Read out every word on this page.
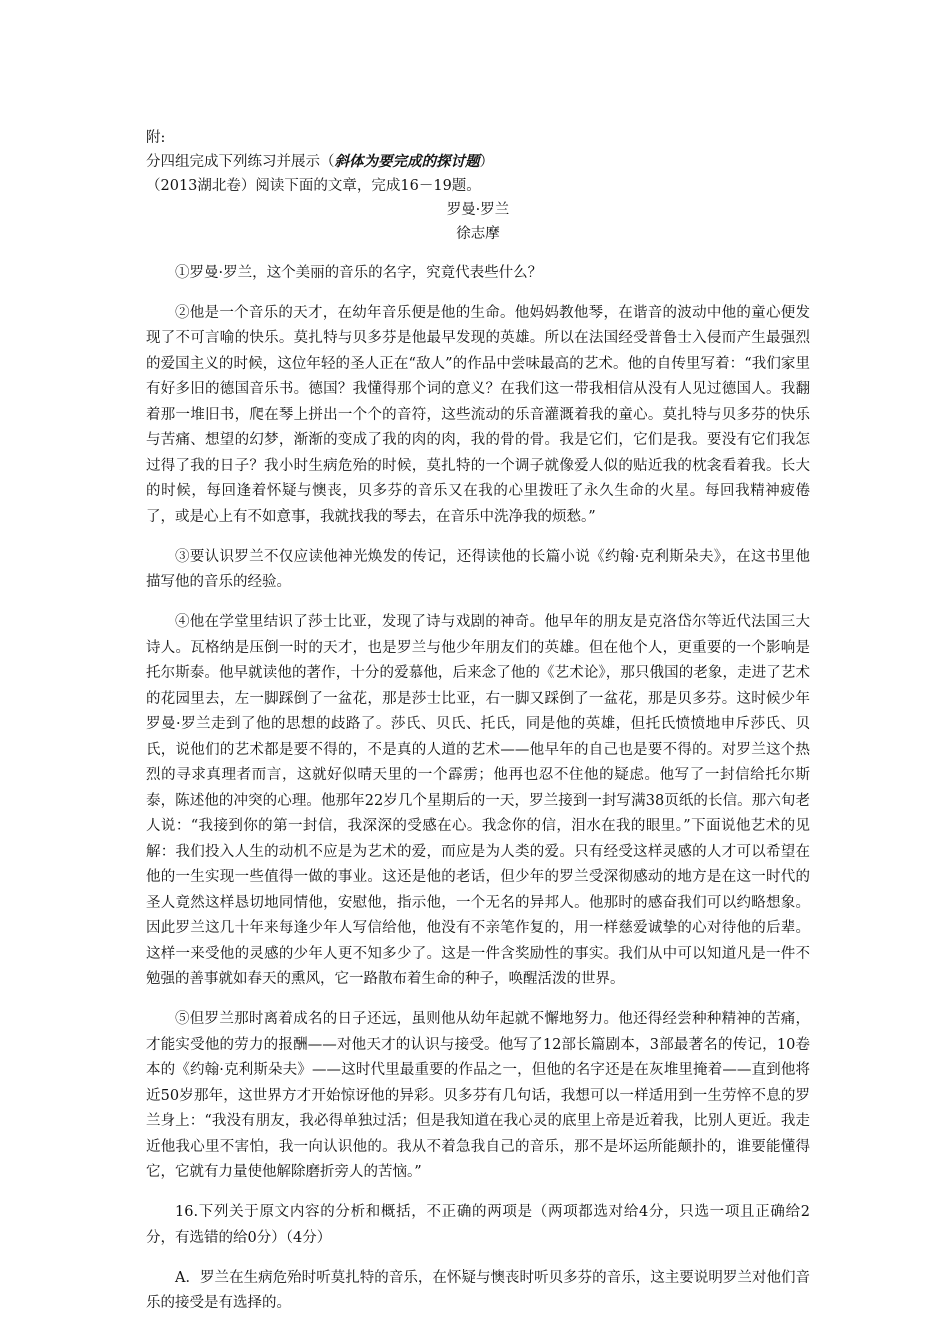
附:

分四组完成下列练习并展示（斜体为要完成的探讨题）

（2013湖北卷）阅读下面的文章，完成16－19题。

罗曼·罗兰

徐志摩

①罗曼·罗兰，这个美丽的音乐的名字，究竟代表些什么？

②他是一个音乐的天才，在幼年音乐便是他的生命。他妈妈教他琴，在谐音的波动中他的童心便发现了不可言喻的快乐。莫扎特与贝多芬是他最早发现的英雄。所以在法国经受普鲁士入侵而产生最强烈的爱国主义的时候，这位年轻的圣人正在“敌人”的作品中尝味最高的艺术。他的自传里写着：“我们家里有好多旧的德国音乐书。德国？我懂得那个词的意义？在我们这一带我相信从没有人见过德国人。我翻着那一堆旧书，爬在琴上拼出一个个的音符，这些流动的乐音灌溉着我的童心。莫扎特与贝多芬的快乐与苦痛、想望的幻梦，渐渐的变成了我的肉的肉，我的骨的骨。我是它们，它们是我。要没有它们我怎过得了我的日子？我小时生病危殆的时候，莫扎特的一个调子就像爱人似的贴近我的枕衾看着我。长大的时候，每回逢着怀疑与懊丧，贝多芬的音乐又在我的心里拨旺了永久生命的火星。每回我精神疲倦了，或是心上有不如意事，我就找我的琴去，在音乐中洗净我的烦愁。”

③要认识罗兰不仅应读他神光焕发的传记，还得读他的长篇小说《约翰·克利斯朵夫》，在这书里他描写他的音乐的经验。

④他在学堂里结识了莎士比亚，发现了诗与戏剧的神奇。他早年的朋友是克洛岱尔等近代法国三大诗人。瓦格纳是压倒一时的天才，也是罗兰与他少年朋友们的英雄。但在他个人，更重要的一个影响是托尔斯泰。他早就读他的著作，十分的爱慕他，后来念了他的《艺术论》，那只俄国的老象，走进了艺术的花园里去，左一脚踩倒了一盆花，那是莎士比亚，右一脚又踩倒了一盆花，那是贝多芬。这时候少年罗曼·罗兰走到了他的思想的歧路了。莎氏、贝氏、托氏，同是他的英雄，但托氏愤愤地申斥莎氏、贝氏，说他们的艺术都是要不得的，不是真的人道的艺术——他早年的自己也是要不得的。对罗兰这个热烈的寻求真理者而言，这就好似晴天里的一个霹雳；他再也忍不住他的疑虑。他写了一封信给托尔斯泰，陈述他的冲突的心理。他那年22岁几个星期后的一天，罗兰接到一封写满38页纸的长信。那六旬老人说：“我接到你的第一封信，我深深的受感在心。我念你的信，泪水在我的眼里。”下面说他艺术的见解：我们投入人生的动机不应是为艺术的爱，而应是为人类的爱。只有经受这样灵感的人才可以希望在他的一生实现一些值得一做的事业。这还是他的老话，但少年的罗兰受深彻感动的地方是在这一时代的圣人竟然这样恳切地同情他，安慰他，指示他，一个无名的异邦人。他那时的感奋我们可以约略想象。因此罗兰这几十年来每逢少年人写信给他，他没有不亲笔作复的，用一样慈爱诚挚的心对待他的后辈。这样一来受他的灵感的少年人更不知多少了。这是一件含奖励性的事实。我们从中可以知道凡是一件不勉强的善事就如春天的熏风，它一路散布着生命的种子，唤醒活泼的世界。

⑤但罗兰那时离着成名的日子还远，虽则他从幼年起就不懈地努力。他还得经尝种种精神的苦痛，才能实受他的劳力的报酬——对他天才的认识与接受。他写了12部长篇剧本，3部最著名的传记，10卷本的《约翰·克利斯朵夫》——这时代里最重要的作品之一，但他的名字还是在灰堆里掩着——直到他将近50岁那年，这世界方才开始惊讶他的异彩。贝多芬有几句话，我想可以一样适用到一生劳悴不息的罗兰身上：“我没有朋友，我必得单独过活；但是我知道在我心灵的底里上帝是近着我，比别人更近。我走近他我心里不害怕，我一向认识他的。我从不着急我自己的音乐，那不是坏运所能颠扑的，谁要能懂得它，它就有力量使他解除磨折旁人的苦恼。”

16.下列关于原文内容的分析和概括，不正确的两项是（两项都选对给4分，只选一项且正确给2分，有选错的给0分）（4分）

A．罗兰在生病危殆时听莫扎特的音乐，在怀疑与懊丧时听贝多芬的音乐，这主要说明罗兰对他们音乐的接受是有选择的。
